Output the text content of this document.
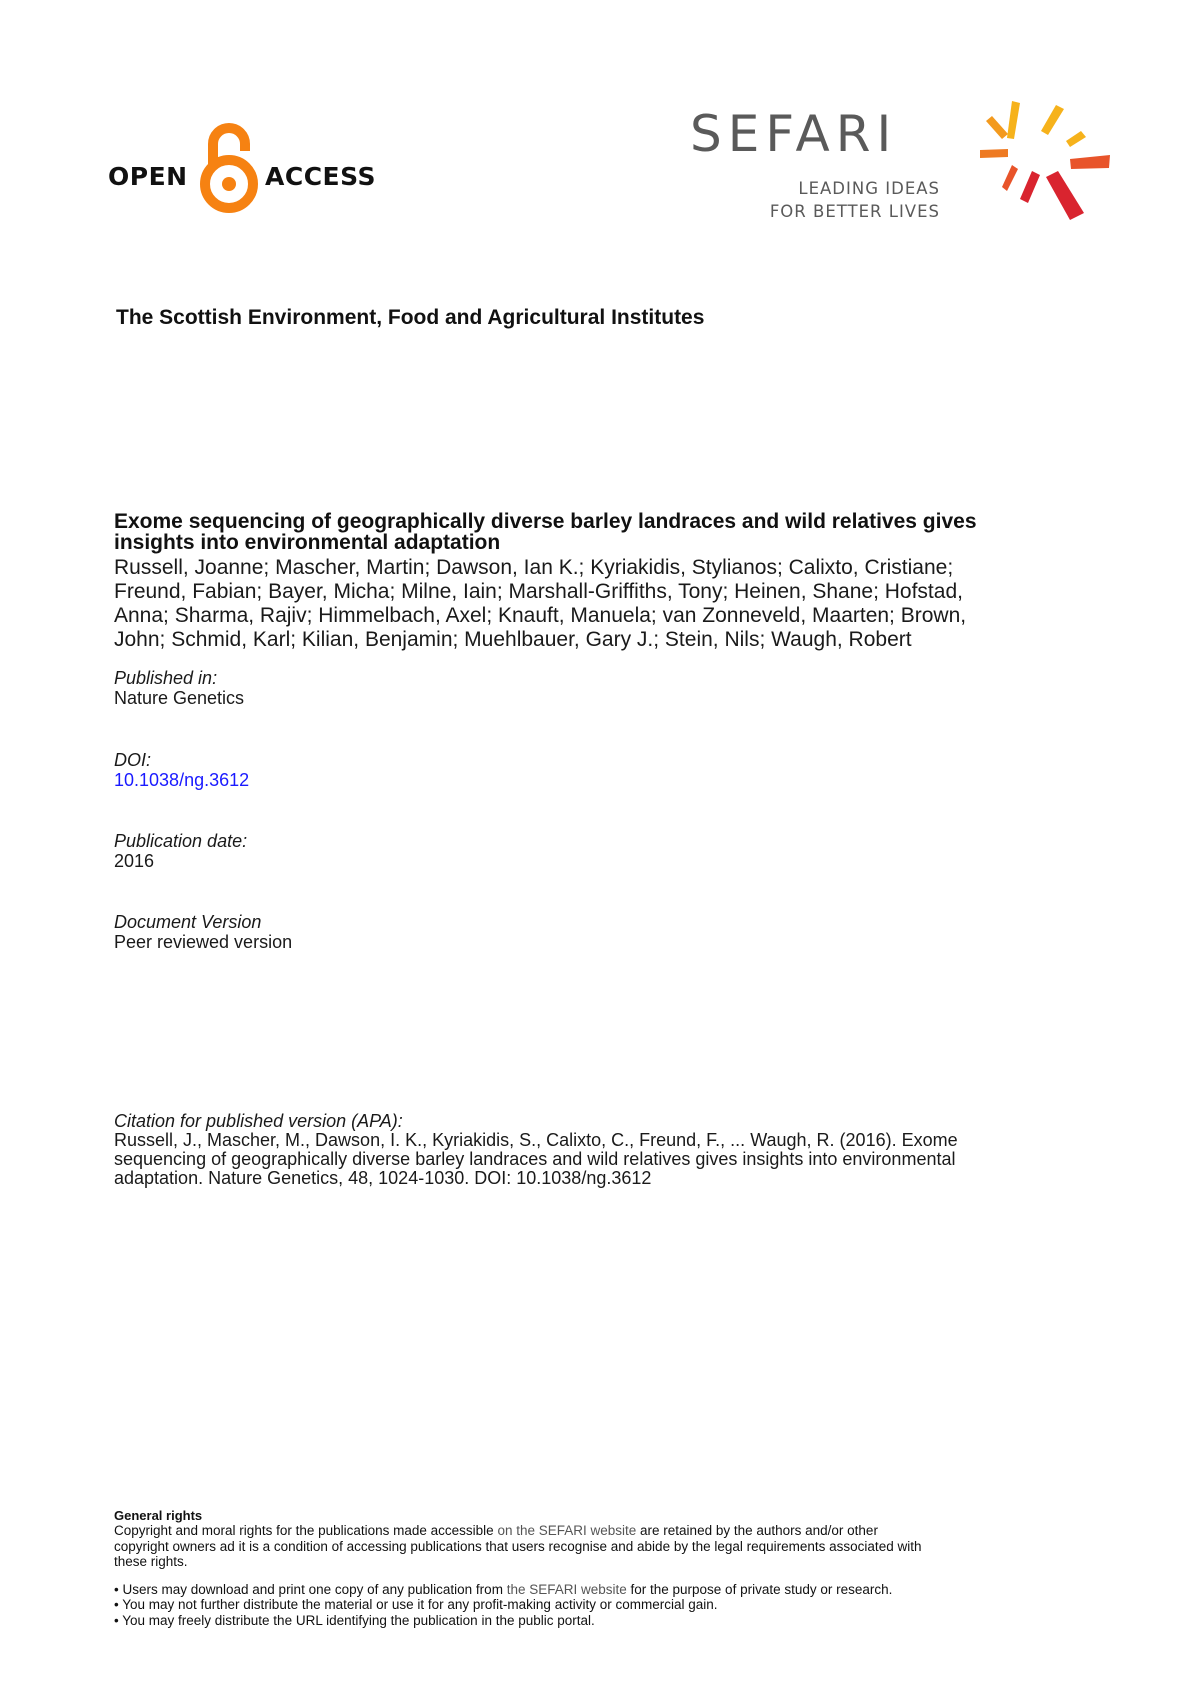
OPEN	ACCESS
SEFARI
LEADING IDEAS
FOR BETTER LIVES
The Scottish Environment, Food and Agricultural Institutes
Exome sequencing of geographically diverse barley landraces and wild relatives gives
insights into environmental adaptation
Russell, Joanne; Mascher, Martin; Dawson, Ian K.; Kyriakidis, Stylianos; Calixto, Cristiane;
Freund, Fabian; Bayer, Micha; Milne, Iain; Marshall-Griffiths, Tony; Heinen, Shane; Hofstad,
Anna; Sharma, Rajiv; Himmelbach, Axel; Knauft, Manuela; van Zonneveld, Maarten; Brown,
John; Schmid, Karl; Kilian, Benjamin; Muehlbauer, Gary J.; Stein, Nils; Waugh, Robert
Published in:
Nature Genetics
DOI:
10.1038/ng.3612
Publication date:
2016
Document Version
Peer reviewed version
Citation for published version (APA):
Russell, J., Mascher, M., Dawson, I. K., Kyriakidis, S., Calixto, C., Freund, F., ... Waugh, R. (2016). Exome
sequencing of geographically diverse barley landraces and wild relatives gives insights into environmental
adaptation. Nature Genetics, 48, 1024-1030. DOI: 10.1038/ng.3612
General rights
Copyright and moral rights for the publications made accessible on the SEFARI website are retained by the authors and/or other
copyright owners ad it is a condition of accessing publications that users recognise and abide by the legal requirements associated with
these rights.
• Users may download and print one copy of any publication from the SEFARI website for the purpose of private study or research.
• You may not further distribute the material or use it for any profit-making activity or commercial gain.
• You may freely distribute the URL identifying the publication in the public portal.
